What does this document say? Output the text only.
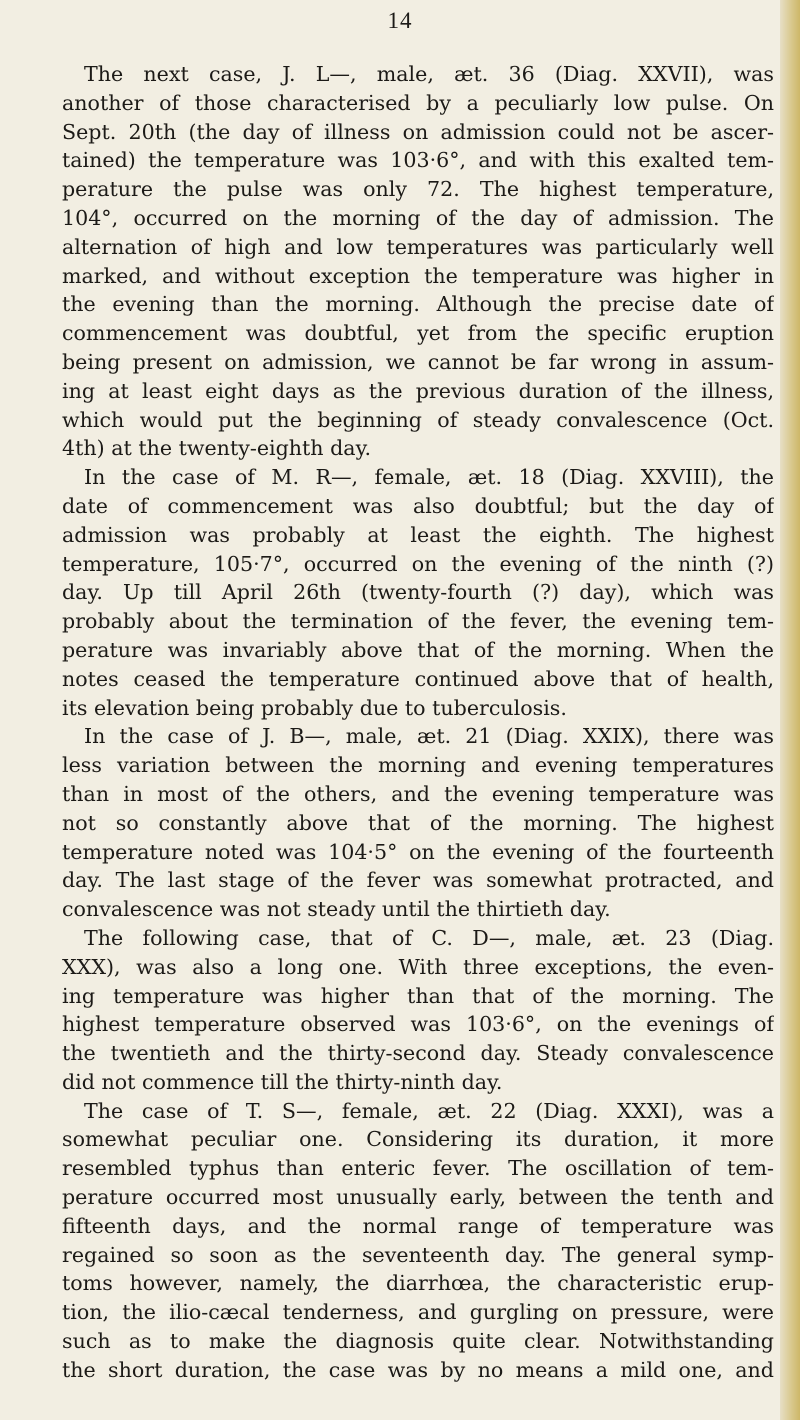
14
The next case, J. L—, male, æt. 36 (Diag. XXVII), was
another of those characterised by a peculiarly low pulse. On
Sept. 20th (the day of illness on admission could not be ascer-
tained) the temperature was 103·6°, and with this exalted tem-
perature the pulse was only 72. The highest temperature,
104°, occurred on the morning of the day of admission. The
alternation of high and low temperatures was particularly well
marked, and without exception the temperature was higher in
the evening than the morning. Although the precise date of
commencement was doubtful, yet from the specific eruption
being present on admission, we cannot be far wrong in assum-
ing at least eight days as the previous duration of the illness,
which would put the beginning of steady convalescence (Oct.
4th) at the twenty-eighth day.
In the case of M. R—, female, æt. 18 (Diag. XXVIII), the
date of commencement was also doubtful; but the day of
admission was probably at least the eighth. The highest
temperature, 105·7°, occurred on the evening of the ninth (?)
day. Up till April 26th (twenty-fourth (?) day), which was
probably about the termination of the fever, the evening tem-
perature was invariably above that of the morning. When the
notes ceased the temperature continued above that of health,
its elevation being probably due to tuberculosis.
In the case of J. B—, male, æt. 21 (Diag. XXIX), there was
less variation between the morning and evening temperatures
than in most of the others, and the evening temperature was
not so constantly above that of the morning. The highest
temperature noted was 104·5° on the evening of the fourteenth
day. The last stage of the fever was somewhat protracted, and
convalescence was not steady until the thirtieth day.
The following case, that of C. D—, male, æt. 23 (Diag.
XXX), was also a long one. With three exceptions, the even-
ing temperature was higher than that of the morning. The
highest temperature observed was 103·6°, on the evenings of
the twentieth and the thirty-second day. Steady convalescence
did not commence till the thirty-ninth day.
The case of T. S—, female, æt. 22 (Diag. XXXI), was a
somewhat peculiar one. Considering its duration, it more
resembled typhus than enteric fever. The oscillation of tem-
perature occurred most unusually early, between the tenth and
fifteenth days, and the normal range of temperature was
regained so soon as the seventeenth day. The general symp-
toms however, namely, the diarrhœa, the characteristic erup-
tion, the ilio-cæcal tenderness, and gurgling on pressure, were
such as to make the diagnosis quite clear. Notwithstanding
the short duration, the case was by no means a mild one, and
